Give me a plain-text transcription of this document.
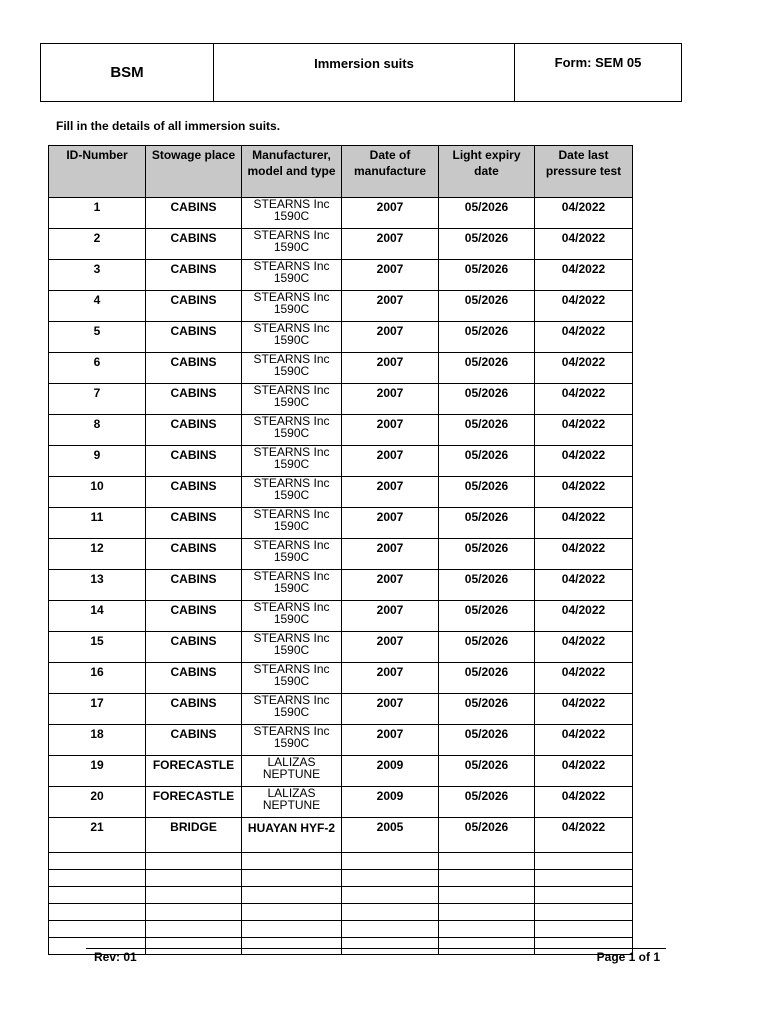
BSM
Immersion suits	Form: SEM 05
Fill in the details of all immersion suits.
ID-Number	Stowage place	Manufacturer, model and type	Date of manufacture	Light expiry date	Date last pressure test
1	CABINS	STEARNS Inc 1590C	2007	05/2026	04/2022
2	CABINS	STEARNS Inc 1590C	2007	05/2026	04/2022
3	CABINS	STEARNS Inc 1590C	2007	05/2026	04/2022
4	CABINS	STEARNS Inc 1590C	2007	05/2026	04/2022
5	CABINS	STEARNS Inc 1590C	2007	05/2026	04/2022
6	CABINS	STEARNS Inc 1590C	2007	05/2026	04/2022
7	CABINS	STEARNS Inc 1590C	2007	05/2026	04/2022
8	CABINS	STEARNS Inc 1590C	2007	05/2026	04/2022
9	CABINS	STEARNS Inc 1590C	2007	05/2026	04/2022
10	CABINS	STEARNS Inc 1590C	2007	05/2026	04/2022
11	CABINS	STEARNS Inc 1590C	2007	05/2026	04/2022
12	CABINS	STEARNS Inc 1590C	2007	05/2026	04/2022
13	CABINS	STEARNS Inc 1590C	2007	05/2026	04/2022
14	CABINS	STEARNS Inc 1590C	2007	05/2026	04/2022
15	CABINS	STEARNS Inc 1590C	2007	05/2026	04/2022
16	CABINS	STEARNS Inc 1590C	2007	05/2026	04/2022
17	CABINS	STEARNS Inc 1590C	2007	05/2026	04/2022
18	CABINS	STEARNS Inc 1590C	2007	05/2026	04/2022
19	FORECASTLE	LALIZAS NEPTUNE	2009	05/2026	04/2022
20	FORECASTLE	LALIZAS NEPTUNE	2009	05/2026	04/2022
21	BRIDGE	HUAYAN HYF-2	2005	05/2026	04/2022

Rev: 01	Page 1 of 1
